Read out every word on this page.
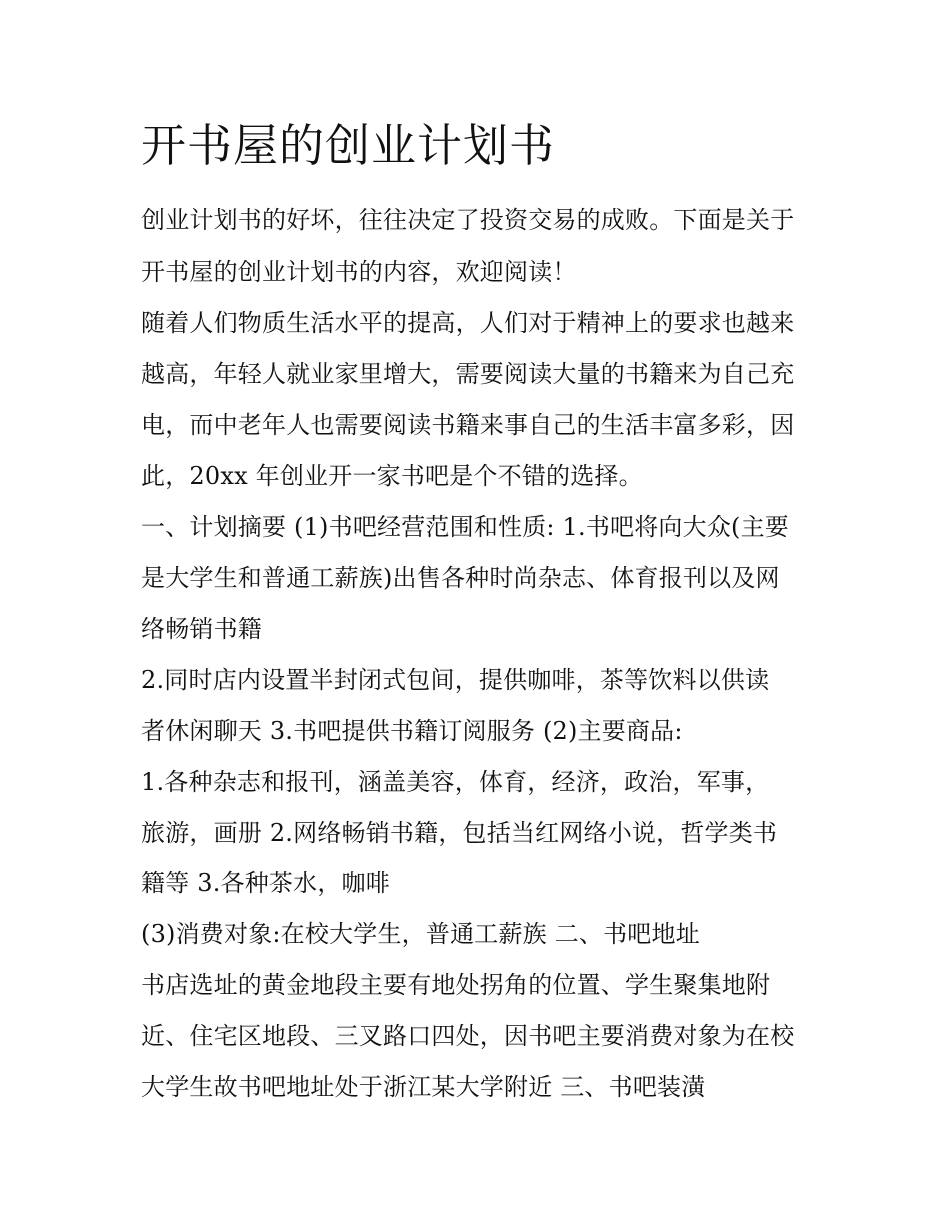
开书屋的创业计划书
创业计划书的好坏，往往决定了投资交易的成败。下面是关于
开书屋的创业计划书的内容，欢迎阅读！
随着人们物质生活水平的提高，人们对于精神上的要求也越来
越高，年轻人就业家里增大，需要阅读大量的书籍来为自己充
电，而中老年人也需要阅读书籍来事自己的生活丰富多彩，因
此，20xx 年创业开一家书吧是个不错的选择。
一、计划摘要 (1)书吧经营范围和性质: 1.书吧将向大众(主要
是大学生和普通工薪族)出售各种时尚杂志、体育报刊以及网
络畅销书籍
2.同时店内设置半封闭式包间，提供咖啡，茶等饮料以供读
者休闲聊天 3.书吧提供书籍订阅服务 (2)主要商品:
1.各种杂志和报刊，涵盖美容，体育，经济，政治，军事，
旅游，画册 2.网络畅销书籍，包括当红网络小说，哲学类书
籍等 3.各种茶水，咖啡
(3)消费对象:在校大学生，普通工薪族 二、书吧地址
书店选址的黄金地段主要有地处拐角的位置、学生聚集地附
近、住宅区地段、三叉路口四处，因书吧主要消费对象为在校
大学生故书吧地址处于浙江某大学附近 三、书吧装潢
